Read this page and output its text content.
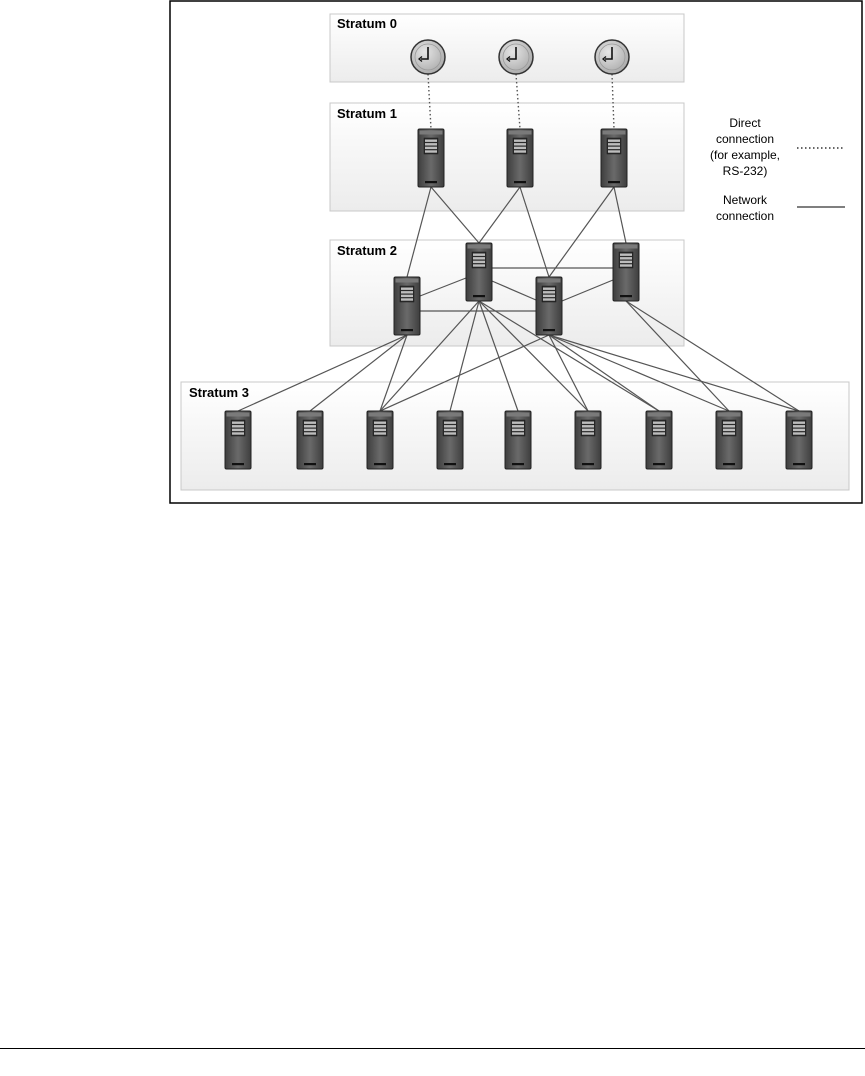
Stratum 0
Stratum 1
Stratum 2
Stratum 3
Direct
connection
(for example,
RS-232)
Network
connection
